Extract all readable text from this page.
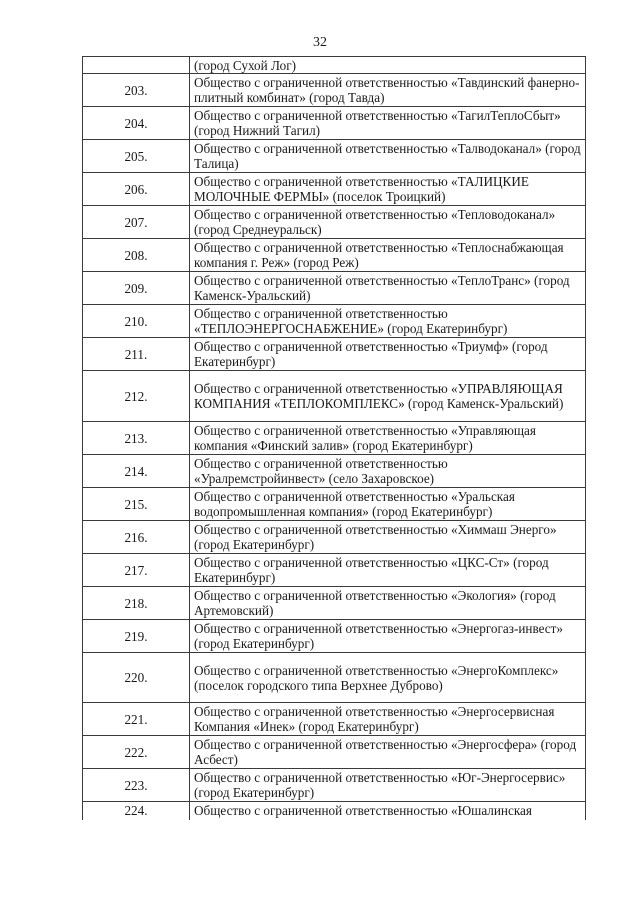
32
	(город Сухой Лог)
203.	Общество с ограниченной ответственностью «Тавдинский фанерно-плитный комбинат» (город Тавда)
204.	Общество с ограниченной ответственностью «ТагилТеплоСбыт» (город Нижний Тагил)
205.	Общество с ограниченной ответственностью «Талводоканал» (город Талица)
206.	Общество с ограниченной ответственностью «ТАЛИЦКИЕ МОЛОЧНЫЕ ФЕРМЫ» (поселок Троицкий)
207.	Общество с ограниченной ответственностью «Тепловодоканал» (город Среднеуральск)
208.	Общество с ограниченной ответственностью «Теплоснабжающая компания г. Реж» (город Реж)
209.	Общество с ограниченной ответственностью «ТеплоТранс» (город Каменск-Уральский)
210.	Общество с ограниченной ответственностью «ТЕПЛОЭНЕРГОСНАБЖЕНИЕ» (город Екатеринбург)
211.	Общество с ограниченной ответственностью «Триумф» (город Екатеринбург)
212.	Общество с ограниченной ответственностью «УПРАВЛЯЮЩАЯ КОМПАНИЯ «ТЕПЛОКОМПЛЕКС» (город Каменск-Уральский)
213.	Общество с ограниченной ответственностью «Управляющая компания «Финский залив» (город Екатеринбург)
214.	Общество с ограниченной ответственностью «Уралремстройинвест» (село Захаровское)
215.	Общество с ограниченной ответственностью «Уральская водопромышленная компания» (город Екатеринбург)
216.	Общество с ограниченной ответственностью «Химмаш Энерго» (город Екатеринбург)
217.	Общество с ограниченной ответственностью «ЦКС-Ст» (город Екатеринбург)
218.	Общество с ограниченной ответственностью «Экология» (город Артемовский)
219.	Общество с ограниченной ответственностью «Энергогаз-инвест» (город Екатеринбург)
220.	Общество с ограниченной ответственностью «ЭнергоКомплекс» (поселок городского типа Верхнее Дуброво)
221.	Общество с ограниченной ответственностью «Энергосервисная Компания «Инек» (город Екатеринбург)
222.	Общество с ограниченной ответственностью «Энергосфера» (город Асбест)
223.	Общество с ограниченной ответственностью «Юг-Энергосервис» (город Екатеринбург)
224.	Общество с ограниченной ответственностью «Юшалинская
